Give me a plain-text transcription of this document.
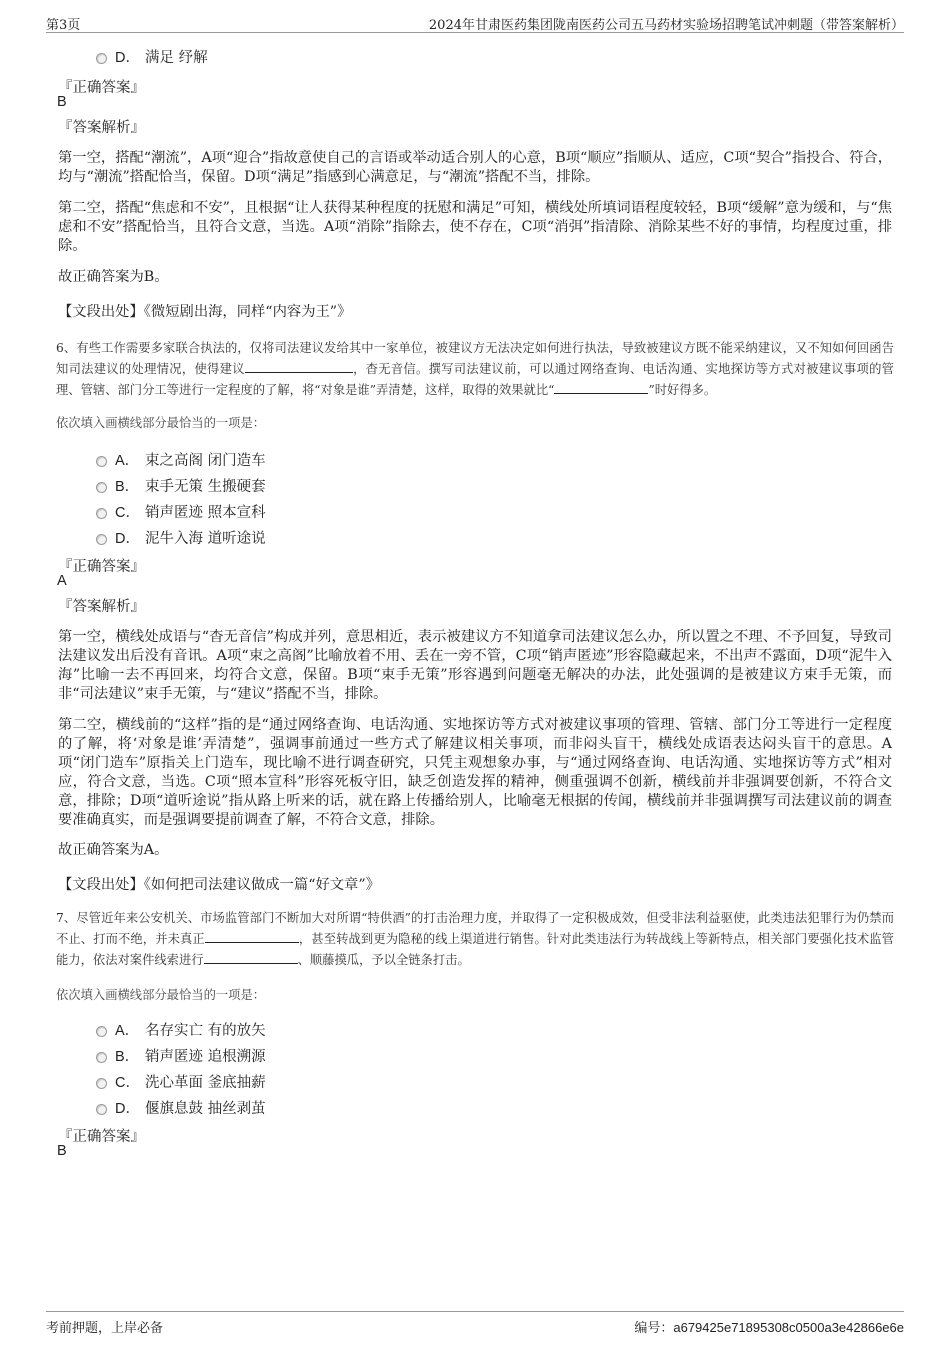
第3页	2024年甘肃医药集团陇南医药公司五马药材实验场招聘笔试冲刺题（带答案解析）
D． 满足 纾解
『正确答案』
B
『答案解析』

第一空，搭配“潮流”，A项“迎合”指故意使自己的言语或举动适合别人的心意，B项“顺应”指顺从、适应，C项“契合”指投合、符合，均与“潮流”搭配恰当，保留。D项“满足”指感到心满意足，与“潮流”搭配不当，排除。

第二空，搭配“焦虑和不安”，且根据“让人获得某种程度的抚慰和满足”可知，横线处所填词语程度较轻，B项“缓解”意为缓和，与“焦虑和不安”搭配恰当，且符合文意，当选。A项“消除”指除去，使不存在，C项“消弭”指清除、消除某些不好的事情，均程度过重，排除。

故正确答案为B。

【文段出处】《微短剧出海，同样“内容为王”》

6、有些工作需要多家联合执法的，仅将司法建议发给其中一家单位，被建议方无法决定如何进行执法，导致被建议方既不能采纳建议，又不知如何回函告知司法建议的处理情况，使得建议	，杳无音信。撰写司法建议前，可以通过网络查询、电话沟通、实地探访等方式对被建议事项的管理、管辖、部门分工等进行一定程度的了解，将“对象是谁”弄清楚，这样，取得的效果就比“	”时好得多。

依次填入画横线部分最恰当的一项是：
A． 束之高阁 闭门造车
B． 束手无策 生搬硬套
C． 销声匿迹 照本宣科
D． 泥牛入海 道听途说
『正确答案』
A
『答案解析』

第一空，横线处成语与“杳无音信”构成并列，意思相近，表示被建议方不知道拿司法建议怎么办，所以置之不理、不予回复，导致司法建议发出后没有音讯。A项“束之高阁”比喻放着不用、丢在一旁不管，C项“销声匿迹”形容隐藏起来，不出声不露面，D项“泥牛入海”比喻一去不再回来，均符合文意，保留。B项“束手无策”形容遇到问题毫无解决的办法，此处强调的是被建议方束手无策，而非“司法建议”束手无策，与“建议”搭配不当，排除。

第二空，横线前的“这样”指的是“通过网络查询、电话沟通、实地探访等方式对被建议事项的管理、管辖、部门分工等进行一定程度的了解，将‘对象是谁’弄清楚”，强调事前通过一些方式了解建议相关事项，而非闷头盲干，横线处成语表达闷头盲干的意思。A项“闭门造车”原指关上门造车，现比喻不进行调查研究，只凭主观想象办事，与“通过网络查询、电话沟通、实地探访等方式”相对应，符合文意，当选。C项“照本宣科”形容死板守旧，缺乏创造发挥的精神，侧重强调不创新，横线前并非强调要创新，不符合文意，排除；D项“道听途说”指从路上听来的话，就在路上传播给别人，比喻毫无根据的传闻，横线前并非强调撰写司法建议前的调查要准确真实，而是强调要提前调查了解，不符合文意，排除。

故正确答案为A。

【文段出处】《如何把司法建议做成一篇“好文章”》

7、尽管近年来公安机关、市场监管部门不断加大对所谓“特供酒”的打击治理力度，并取得了一定积极成效，但受非法利益驱使，此类违法犯罪行为仍禁而不止、打而不绝，并未真正	，甚至转战到更为隐秘的线上渠道进行销售。针对此类违法行为转战线上等新特点，相关部门要强化技术监管能力，依法对案件线索进行	、顺藤摸瓜，予以全链条打击。

依次填入画横线部分最恰当的一项是：
A． 名存实亡 有的放矢
B． 销声匿迹 追根溯源
C． 洗心革面 釜底抽薪
D． 偃旗息鼓 抽丝剥茧
『正确答案』
B
考前押题，上岸必备	编号：a679425e71895308c0500a3e42866e6e
